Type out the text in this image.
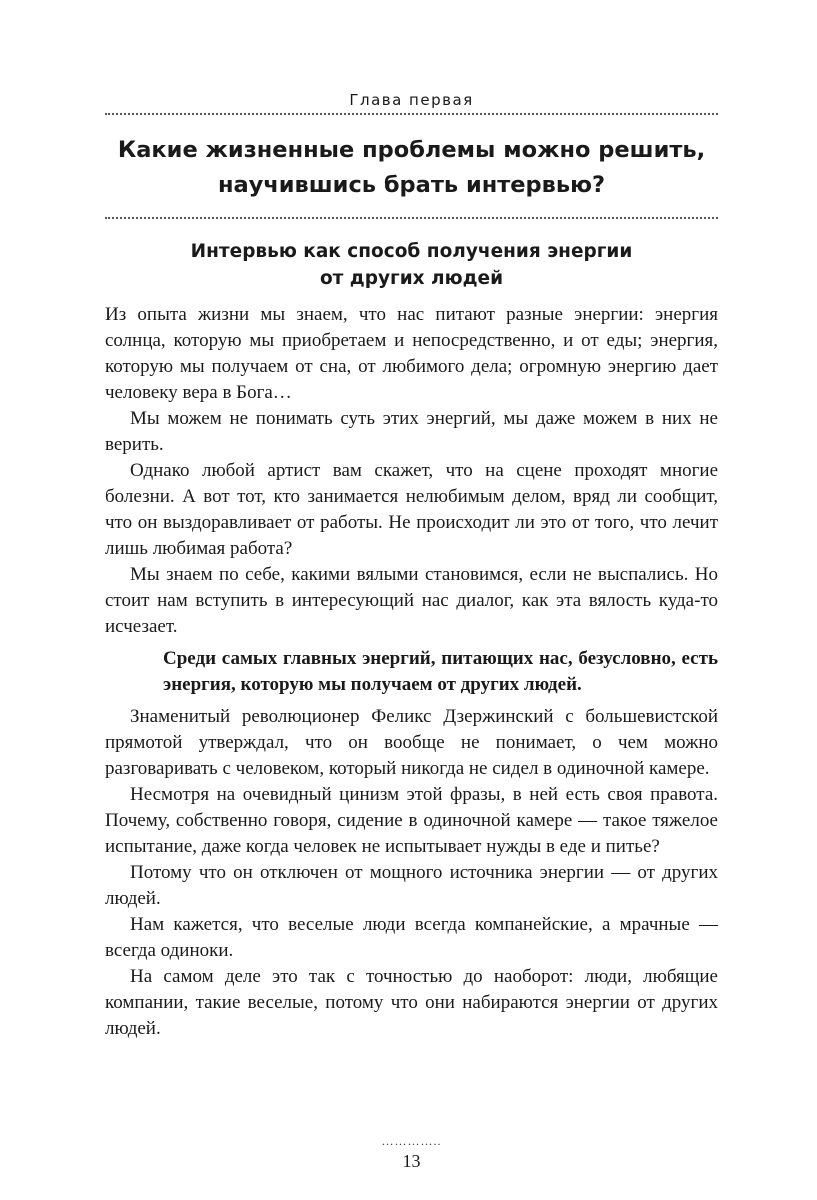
Глава первая
Какие жизненные проблемы можно решить,
научившись брать интервью?
Интервью как способ получения энергии
от других людей

Из опыта жизни мы знаем, что нас питают разные энергии: энергия солнца, которую мы приобретаем и непосредственно, и от еды; энергия, которую мы получаем от сна, от любимого дела; огромную энергию дает человеку вера в Бога…

Мы можем не понимать суть этих энергий, мы даже можем в них не верить.

Однако любой артист вам скажет, что на сцене проходят многие болезни. А вот тот, кто занимается нелюбимым делом, вряд ли сообщит, что он выздоравливает от работы. Не происходит ли это от того, что лечит лишь любимая работа?

Мы знаем по себе, какими вялыми становимся, если не выспались. Но стоит нам вступить в интересующий нас диалог, как эта вялость куда-то исчезает.

Среди самых главных энергий, питающих нас, безусловно, есть энергия, которую мы получаем от других людей.

Знаменитый революционер Феликс Дзержинский с большевистской прямотой утверждал, что он вообще не понимает, о чем можно разговаривать с человеком, который никогда не сидел в одиночной камере.

Несмотря на очевидный цинизм этой фразы, в ней есть своя правота. Почему, собственно говоря, сидение в одиночной камере — такое тяжелое испытание, даже когда человек не испытывает нужды в еде и питье?

Потому что он отключен от мощного источника энергии — от других людей.

Нам кажется, что веселые люди всегда компанейские, а мрачные — всегда одиноки.

На самом деле это так с точностью до наоборот: люди, любящие компании, такие веселые, потому что они набираются энергии от других людей.

…………..
13
